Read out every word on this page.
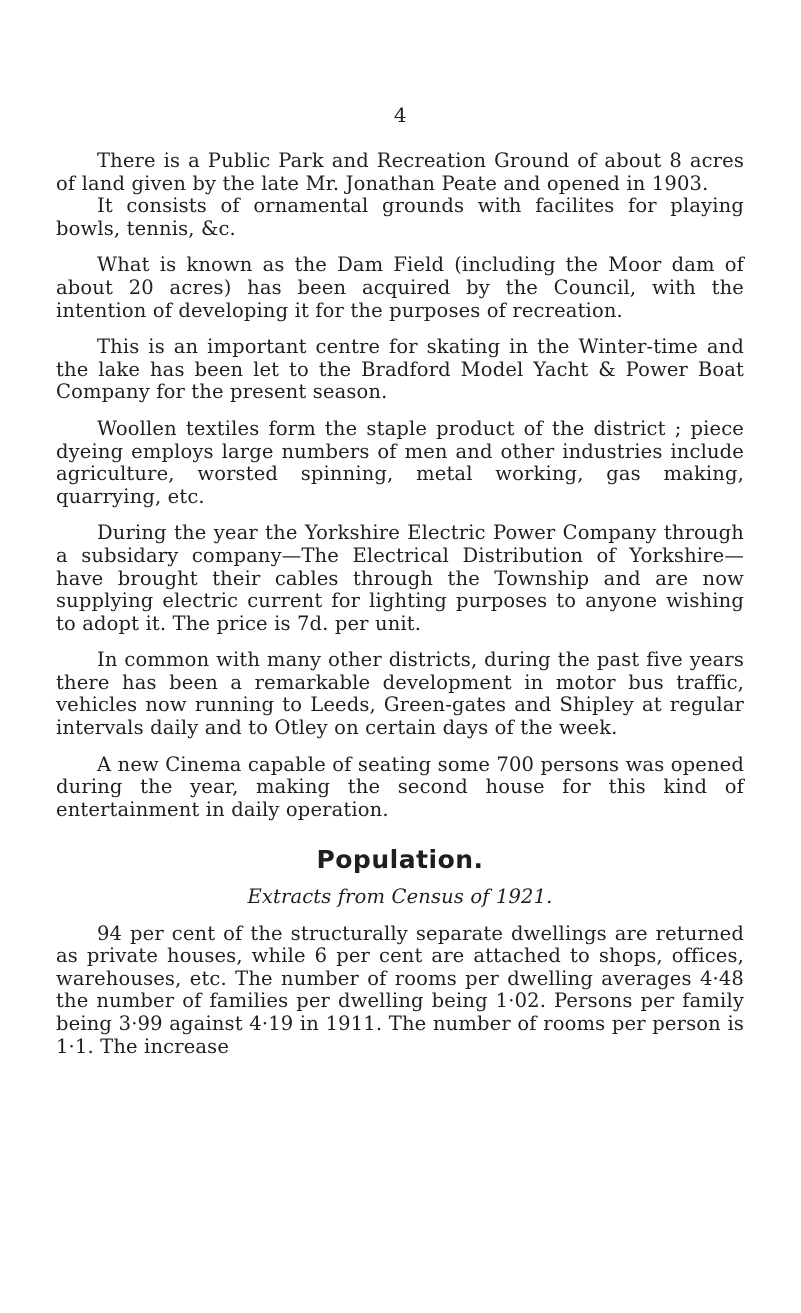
4

There is a Public Park and Recreation Ground of about 8 acres of land given by the late Mr. Jonathan Peate and opened in 1903.

It consists of ornamental grounds with facilites for playing bowls, tennis, &c.

What is known as the Dam Field (including the Moor dam of about 20 acres) has been acquired by the Council, with the intention of developing it for the purposes of recreation.

This is an important centre for skating in the Winter-time and the lake has been let to the Bradford Model Yacht & Power Boat Company for the present season.

Woollen textiles form the staple product of the district ; piece dyeing employs large numbers of men and other industries include agriculture, worsted spinning, metal working, gas making, quarrying, etc.

During the year the Yorkshire Electric Power Company through a subsidary company—The Electrical Distribution of Yorkshire—have brought their cables through the Township and are now supplying electric current for lighting purposes to anyone wishing to adopt it. The price is 7d. per unit.

In common with many other districts, during the past five years there has been a remarkable development in motor bus traffic, vehicles now running to Leeds, Green-gates and Shipley at regular intervals daily and to Otley on certain days of the week.

A new Cinema capable of seating some 700 persons was opened during the year, making the second house for this kind of entertainment in daily operation.

Population.
Extracts from Census of 1921.

94 per cent of the structurally separate dwellings are returned as private houses, while 6 per cent are attached to shops, offices, warehouses, etc. The number of rooms per dwelling averages 4·48 the number of families per dwelling being 1·02. Persons per family being 3·99 against 4·19 in 1911. The number of rooms per person is 1·1. The increase
